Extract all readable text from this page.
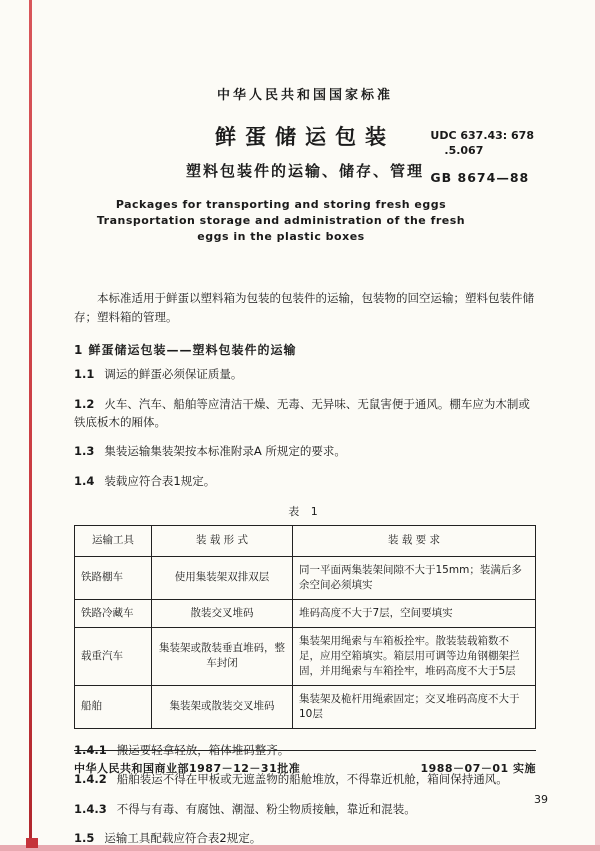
中华人民共和国国家标准
鲜蛋储运包装
塑料包装件的运输、储存、管理
UDC 637.43: 678
.5.067
GB 8674—88
Packages for transporting and storing fresh eggs
Transportation storage and administration of the fresh
eggs in the plastic boxes

本标准适用于鲜蛋以塑料箱为包装的包装件的运输，包装物的回空运输；塑料包装件储存；塑料箱的管理。

1 鲜蛋储运包装——塑料包装件的运输

1.1 调运的鲜蛋必须保证质量。

1.2 火车、汽车、船舶等应清洁干燥、无毒、无异味、无鼠害便于通风。棚车应为木制或铁底板木的厢体。

1.3 集装运输集装架按本标准附录A 所规定的要求。

1.4 装载应符合表1规定。

表 1
运输工具	装 载 形 式	装 载 要 求
铁路棚车	使用集装架双排双层	同一平面两集装架间隙不大于15mm；装满后多余空间必须填实
铁路冷藏车	散装交叉堆码	堆码高度不大于7层，空间要填实
载重汽车	集装架或散装垂直堆码，整车封闭	集装架用绳索与车箱板拴牢。散装装载箱数不足，应用空箱填实。箱层用可调等边角钢棚架拦固，并用绳索与车箱拴牢，堆码高度不大于5层
船舶	集装架或散装交叉堆码	集装架及桅杆用绳索固定；交叉堆码高度不大于10层

1.4.1 搬运要轻拿轻放，箱体堆码整齐。

1.4.2 船舶装运不得在甲板或无遮盖物的船舱堆放，不得靠近机舱，箱间保持通风。

1.4.3 不得与有毒、有腐蚀、潮湿、粉尘物质接触，靠近和混装。

1.5 运输工具配载应符合表2规定。

中华人民共和国商业部1987－12－31批准	1988－07－01 实施
39
